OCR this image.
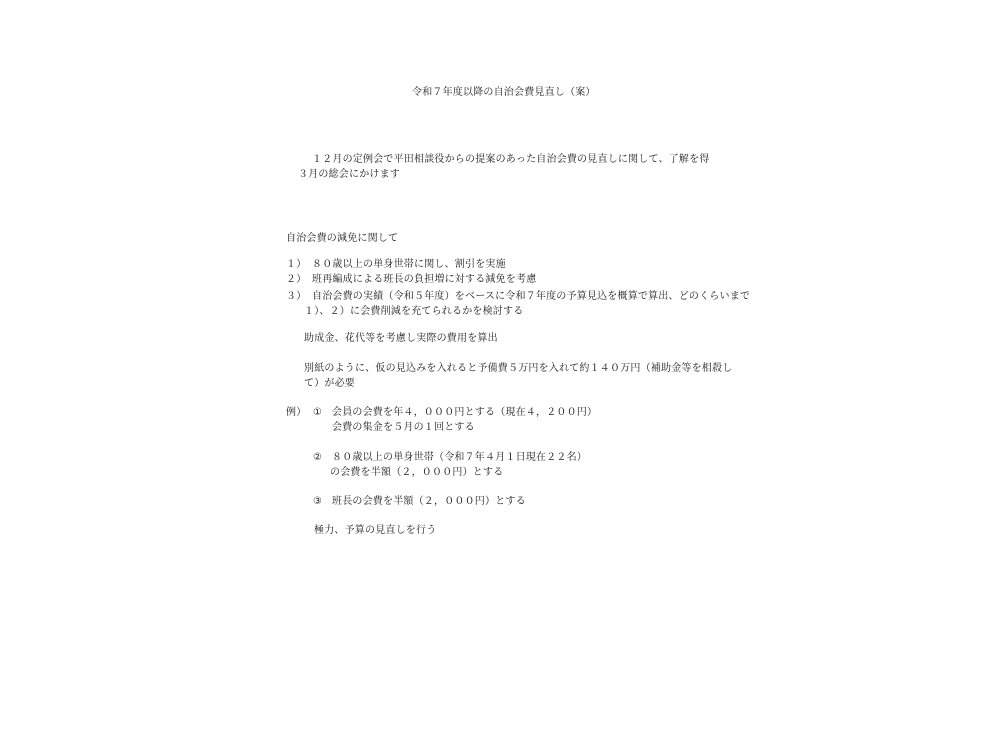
令和７年度以降の自治会費見直し（案）
１２月の定例会で平田相談役からの提案のあった自治会費の見直しに関して、了解を得
３月の総会にかけます
自治会費の減免に関して
１） ８０歳以上の単身世帯に関し、割引を実施
２） 班再編成による班長の負担増に対する減免を考慮
３） 自治会費の実績（令和５年度）をベースに令和７年度の予算見込を概算で算出、どのくらいまで
１）、２）に会費削減を充てられるかを検討する
助成金、花代等を考慮し実際の費用を算出
別紙のように、仮の見込みを入れると予備費５万円を入れて約１４０万円（補助金等を相殺し
て）が必要
例） ① 会員の会費を年４，０００円とする（現在４，２００円）
会費の集金を５月の１回とする
② ８０歳以上の単身世帯（令和７年４月１日現在２２名）
の会費を半額（２，０００円）とする
③ 班長の会費を半額（２，０００円）とする
極力、予算の見直しを行う
